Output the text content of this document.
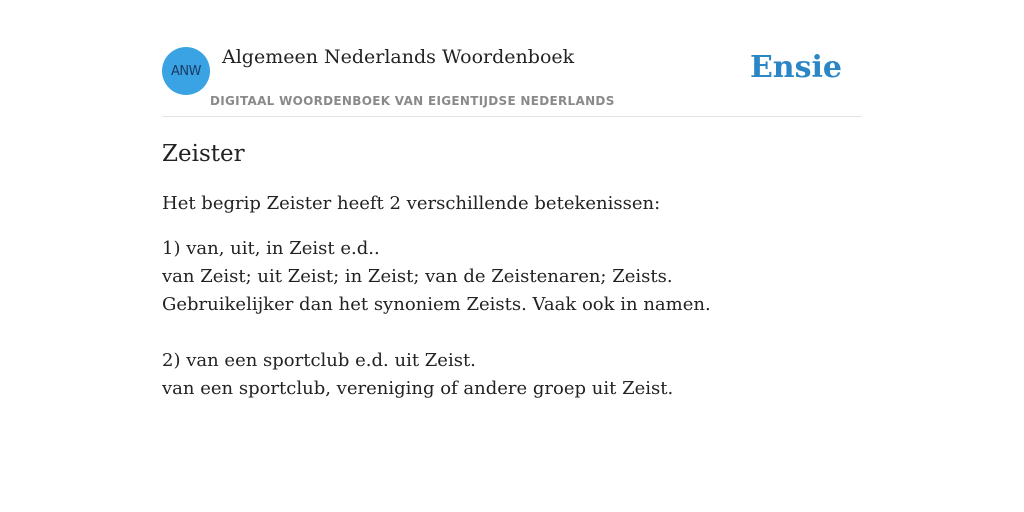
ANW
Algemeen Nederlands Woordenboek
DIGITAAL WOORDENBOEK VAN EIGENTIJDSE NEDERLANDS
Ensie
Zeister

Het begrip Zeister heeft 2 verschillende betekenissen:

1) van, uit, in Zeist e.d..
van Zeist; uit Zeist; in Zeist; van de Zeistenaren; Zeists.
Gebruikelijker dan het synoniem Zeists. Vaak ook in namen.
2) van een sportclub e.d. uit Zeist.
van een sportclub, vereniging of andere groep uit Zeist.
